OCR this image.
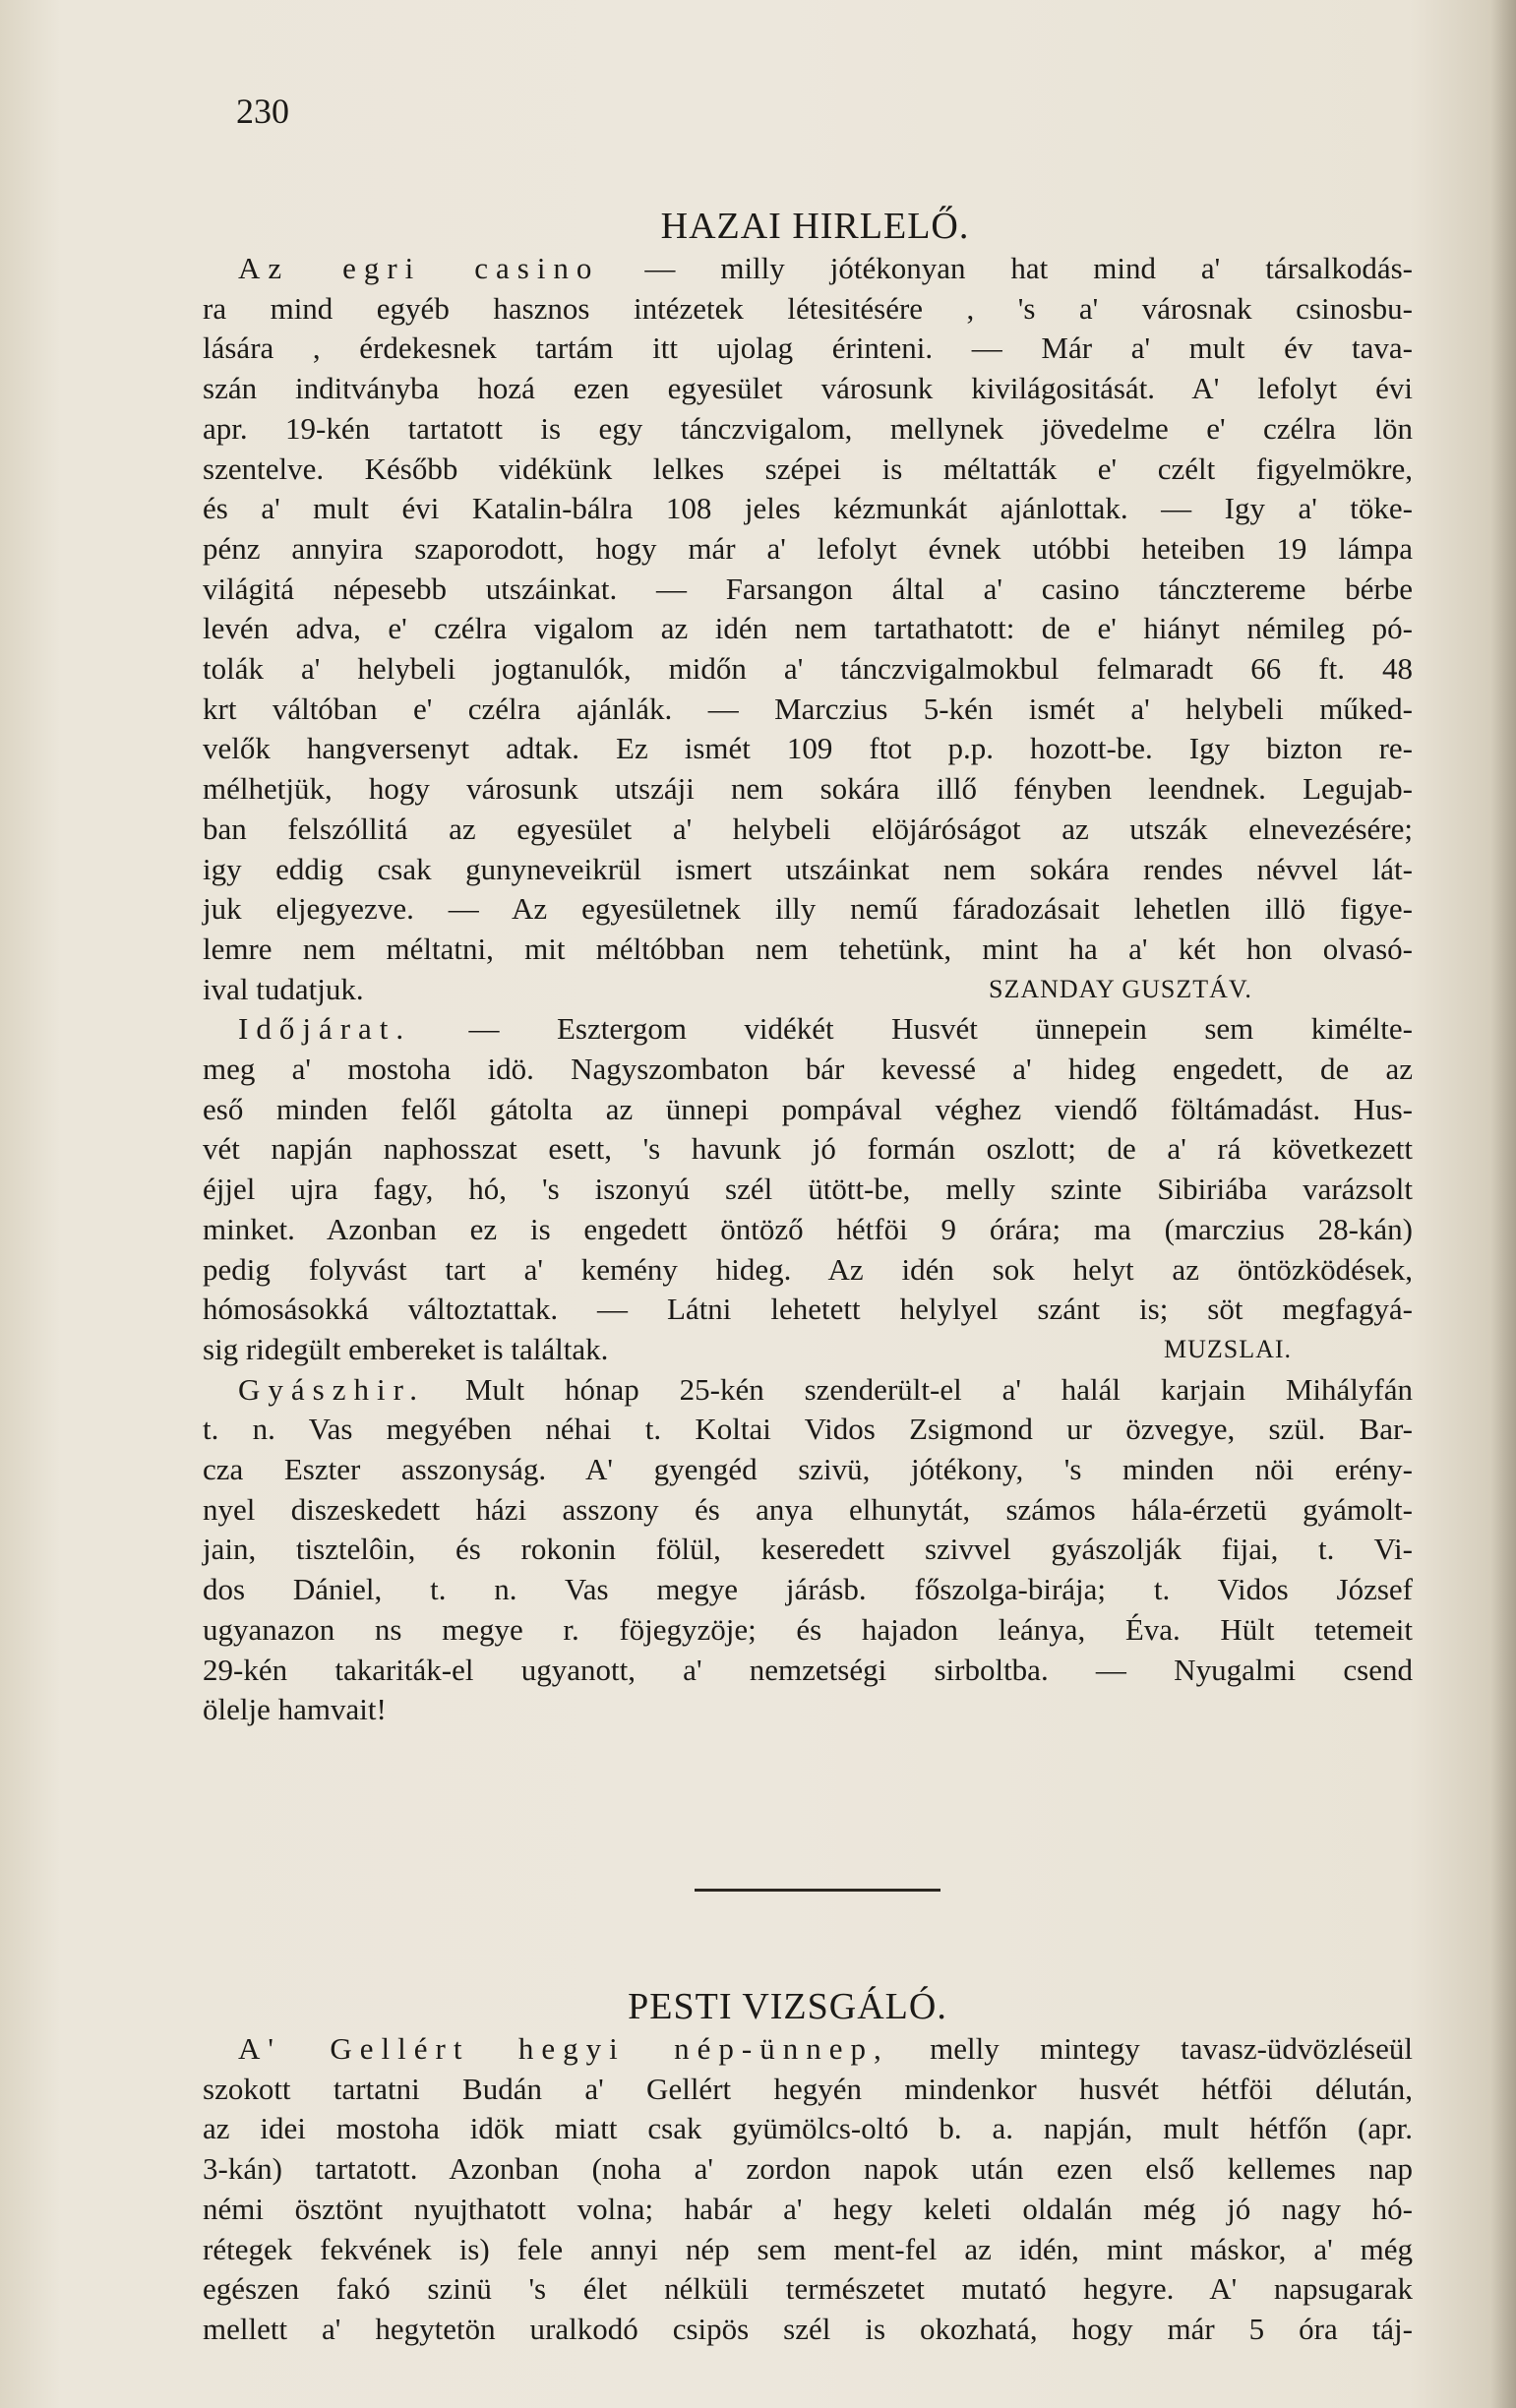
230
HAZAI HIRLELŐ.
Az egri casino — milly jótékonyan hat mind a' társalkodás-
ra mind egyéb hasznos intézetek létesitésére , 's a' városnak csinosbu-
lására , érdekesnek tartám itt ujolag érinteni. — Már a' mult év tava-
szán inditványba hozá ezen egyesület városunk kivilágositását. A' lefolyt évi
apr. 19-kén tartatott is egy tánczvigalom, mellynek jövedelme e' czélra lön
szentelve. Később vidékünk lelkes szépei is méltatták e' czélt figyelmökre,
és a' mult évi Katalin-bálra 108 jeles kézmunkát ajánlottak. — Igy a' töke-
pénz annyira szaporodott, hogy már a' lefolyt évnek utóbbi heteiben 19 lámpa
világitá népesebb utszáinkat. — Farsangon által a' casino táncztereme bérbe
levén adva, e' czélra vigalom az idén nem tartathatott: de e' hiányt némileg pó-
tolák a' helybeli jogtanulók, midőn a' tánczvigalmokbul felmaradt 66 ft. 48
krt váltóban e' czélra ajánlák. — Marczius 5-kén ismét a' helybeli műked-
velők hangversenyt adtak. Ez ismét 109 ftot p.p. hozott-be. Igy bizton re-
mélhetjük, hogy városunk utszáji nem sokára illő fényben leendnek. Legujab-
ban felszóllitá az egyesület a' helybeli elöjáróságot az utszák elnevezésére;
igy eddig csak gunyneveikrül ismert utszáinkat nem sokára rendes névvel lát-
juk eljegyezve. — Az egyesületnek illy nemű fáradozásait lehetlen illö figye-
lemre nem méltatni, mit méltóbban nem tehetünk, mint ha a' két hon olvasó-
ival tudatjuk.	SZANDAY GUSZTÁV.
Időjárat. — Esztergom vidékét Husvét ünnepein sem kimélte-
meg a' mostoha idö. Nagyszombaton bár kevessé a' hideg engedett, de az
eső minden felől gátolta az ünnepi pompával véghez viendő föltámadást. Hus-
vét napján naphosszat esett, 's havunk jó formán oszlott; de a' rá következett
éjjel ujra fagy, hó, 's iszonyú szél ütött-be, melly szinte Sibiriába varázsolt
minket. Azonban ez is engedett öntöző hétföi 9 órára; ma (marczius 28-kán)
pedig folyvást tart a' kemény hideg. Az idén sok helyt az öntözködések,
hómosásokká változtattak. — Látni lehetett helylyel szánt is; söt megfagyá-
sig ridegült embereket is találtak.	MUZSLAI.
Gyászhir. Mult hónap 25-kén szenderült-el a' halál karjain Mihályfán
t. n. Vas megyében néhai t. Koltai Vidos Zsigmond ur özvegye, szül. Bar-
cza Eszter asszonyság. A' gyengéd szivü, jótékony, 's minden nöi erény-
nyel diszeskedett házi asszony és anya elhunytát, számos hála-érzetü gyámolt-
jain, tisztelôin, és rokonin fölül, keseredett szivvel gyászolják fijai, t. Vi-
dos Dániel, t. n. Vas megye járásb. főszolga-birája; t. Vidos József
ugyanazon ns megye r. föjegyzöje; és hajadon leánya, Éva. Hült tetemeit
29-kén takariták-el ugyanott, a' nemzetségi sirboltba. — Nyugalmi csend
ölelje hamvait!
PESTI VIZSGÁLÓ.
A' Gellért hegyi nép-ünnep, melly mintegy tavasz-üdvözléseül
szokott tartatni Budán a' Gellért hegyén mindenkor husvét hétföi délután,
az idei mostoha idök miatt csak gyümölcs-oltó b. a. napján, mult hétfőn (apr.
3-kán) tartatott. Azonban (noha a' zordon napok után ezen első kellemes nap
némi ösztönt nyujthatott volna; habár a' hegy keleti oldalán még jó nagy hó-
rétegek fekvének is) fele annyi nép sem ment-fel az idén, mint máskor, a' még
egészen fakó szinü 's élet nélküli természetet mutató hegyre. A' napsugarak
mellett a' hegytetön uralkodó csipös szél is okozhatá, hogy már 5 óra táj-
